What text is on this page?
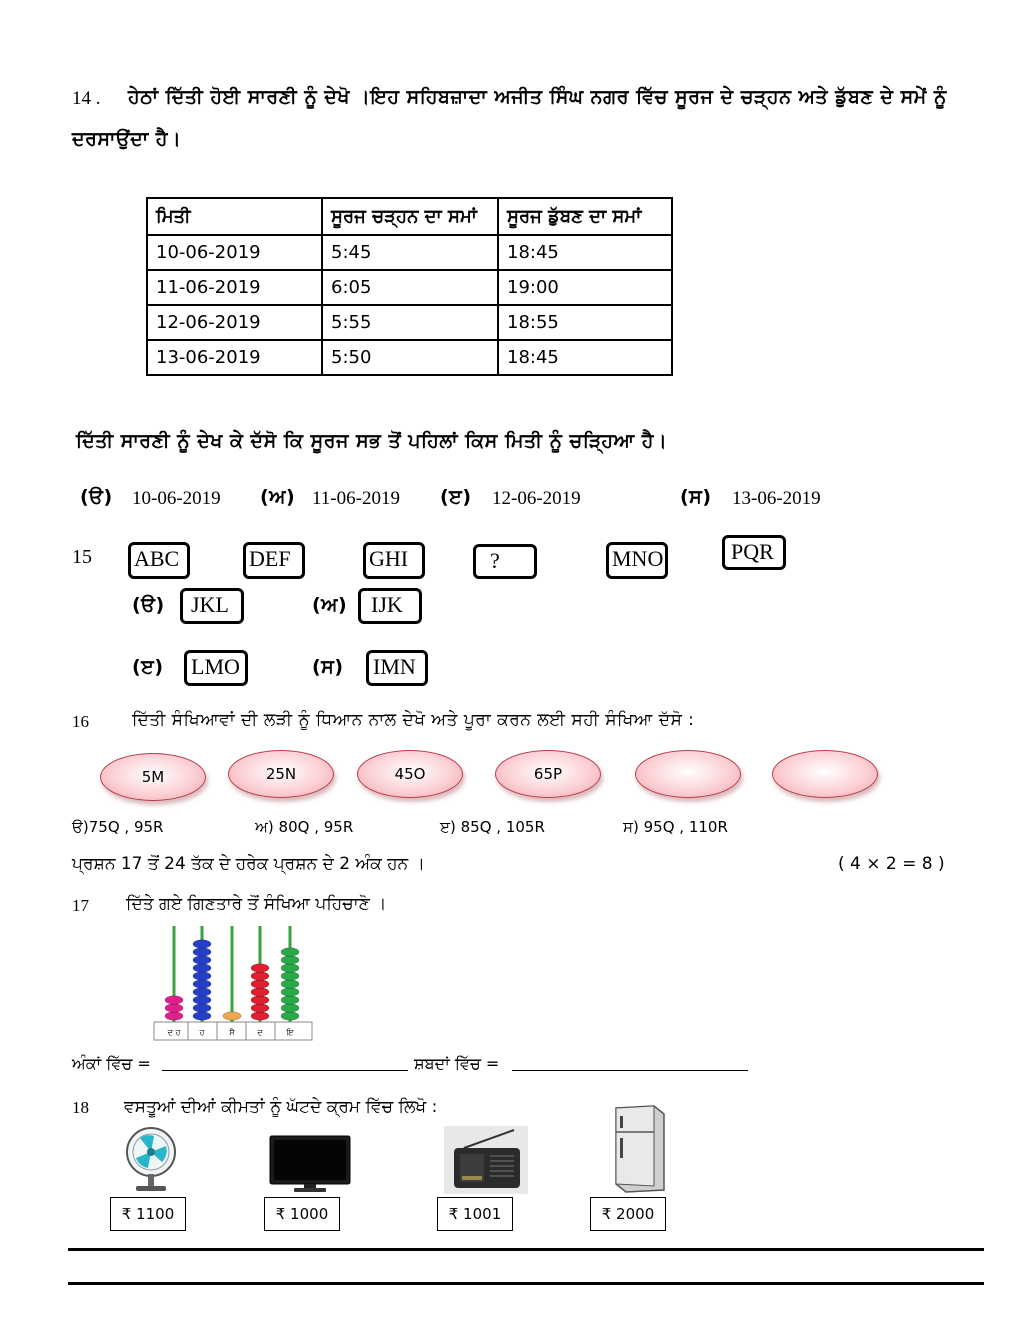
14 . ਹੇਠਾਂ ਦਿੱਤੀ ਹੋਈ ਸਾਰਣੀ ਨੂੰ ਦੇਖੋ ।ਇਹ ਸਹਿਬਜ਼ਾਦਾ ਅਜੀਤ ਸਿੰਘ ਨਗਰ ਵਿੱਚ ਸੂਰਜ ਦੇ ਚੜ੍ਹਨ ਅਤੇ ਡੁੱਬਣ ਦੇ ਸਮੇਂ ਨੂੰ
ਦਰਸਾਉਂਦਾ ਹੈ।
ਮਿਤੀ	ਸੂਰਜ ਚੜ੍ਹਨ ਦਾ ਸਮਾਂ	ਸੂਰਜ ਡੁੱਬਣ ਦਾ ਸਮਾਂ
10-06-2019	5:45	18:45
11-06-2019	6:05	19:00
12-06-2019	5:55	18:55
13-06-2019	5:50	18:45
ਦਿੱਤੀ ਸਾਰਣੀ ਨੂੰ ਦੇਖ ਕੇ ਦੱਸੋ ਕਿ ਸੂਰਜ ਸਭ ਤੋਂ ਪਹਿਲਾਂ ਕਿਸ ਮਿਤੀ ਨੂੰ ਚੜ੍ਹਿਆ ਹੈ।
(ੳ) 10-06-2019 (ਅ) 11-06-2019 (ੲ) 12-06-2019	(ਸ) 13-06-2019
15 ABC	DEF	GHI	?	MNO	PQR
(ੳ)	JKL	(ਅ)	IJK
(ੲ)	LMO	(ਸ)	IMN
16	ਦਿੱਤੀ ਸੰਖਿਆਵਾਂ ਦੀ ਲੜੀ ਨੂੰ ਧਿਆਨ ਨਾਲ ਦੇਖੋ ਅਤੇ ਪੂਰਾ ਕਰਨ ਲਈ ਸਹੀ ਸੰਖਿਆ ਦੱਸੋ :
5M	25N	45O	65P
ੳ)75Q , 95R	ਅ) 80Q , 95R	ੲ) 85Q , 105R	ਸ) 95Q , 110R
ਪ੍ਰਸ਼ਨ 17 ਤੋਂ 24 ਤੱਕ ਦੇ ਹਰੇਕ ਪ੍ਰਸ਼ਨ ਦੇ 2 ਅੰਕ ਹਨ ।	( 4 × 2 = 8 )
17 ਦਿੱਤੇ ਗਏ ਗਿਣਤਾਰੇ ਤੋਂ ਸੰਖਿਆ ਪਹਿਚਾਣੋ ।
ਦ ਹ ਹ	ਸੈ	ਦ	ਇ
ਅੰਕਾਂ ਵਿੱਚ =	ਸ਼ਬਦਾਂ ਵਿੱਚ =
18 ਵਸਤੂਆਂ ਦੀਆਂ ਕੀਮਤਾਂ ਨੂੰ ਘੱਟਦੇ ਕ੍ਰਮ ਵਿੱਚ ਲਿਖੋ :
₹ 1100	₹ 1000	₹ 1001	₹ 2000
